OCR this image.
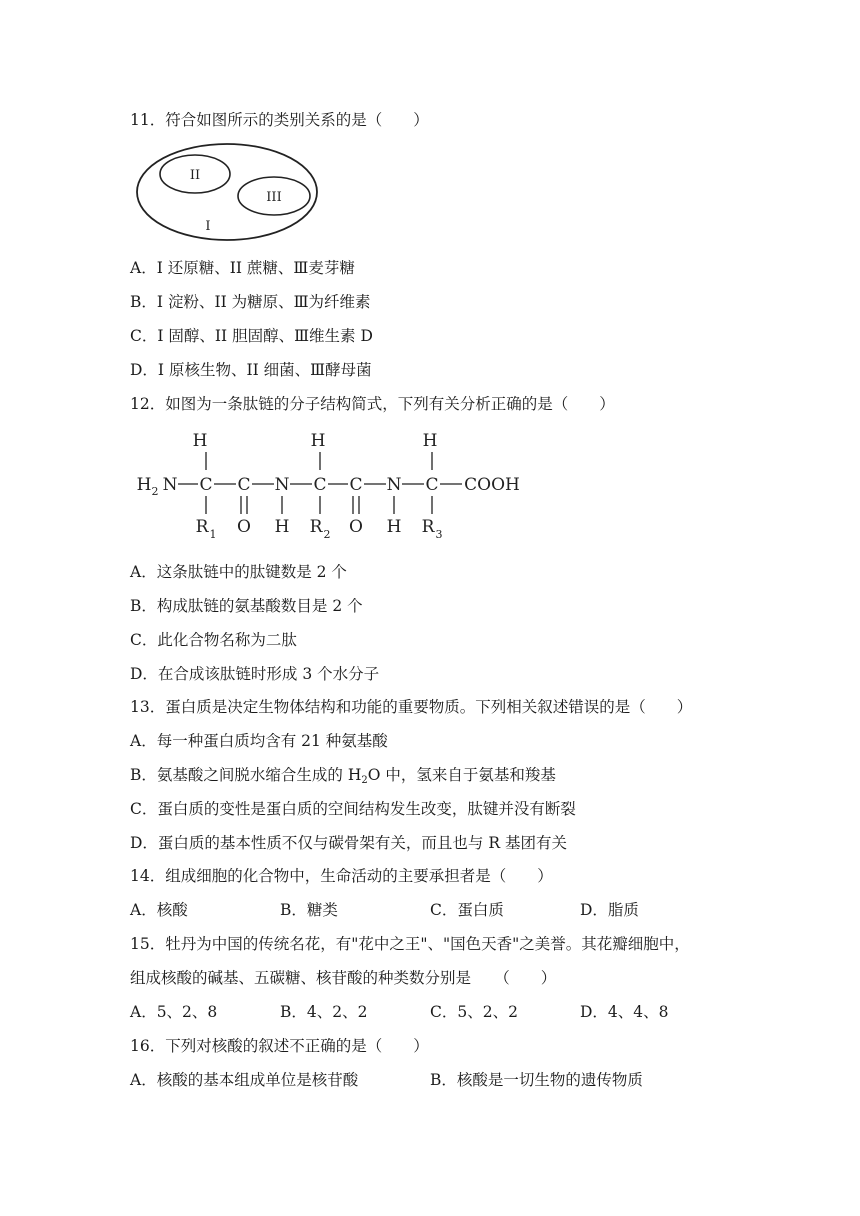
11．符合如图所示的类别关系的是（　　）
II
III
I
A．I 还原糖、II 蔗糖、Ⅲ麦芽糖
B．I 淀粉、II 为糖原、Ⅲ为纤维素
C．I 固醇、II 胆固醇、Ⅲ维生素 D
D．I 原核生物、II 细菌、Ⅲ酵母菌
12．如图为一条肽链的分子结构简式，下列有关分析正确的是（　　）
H	H	H
H 2 N C C N C C N C COOH
R 1 O H R 2 O H R 3
A．这条肽链中的肽键数是 2 个
B．构成肽链的氨基酸数目是 2 个
C．此化合物名称为二肽
D．在合成该肽链时形成 3 个水分子
13．蛋白质是决定生物体结构和功能的重要物质。下列相关叙述错误的是（　　）
A．每一种蛋白质均含有 21 种氨基酸
B．氨基酸之间脱水缩合生成的 $H_2O$ 中，氢来自于氨基和羧基
C．蛋白质的变性是蛋白质的空间结构发生改变，肽键并没有断裂
D．蛋白质的基本性质不仅与碳骨架有关，而且也与 R 基团有关
14．组成细胞的化合物中，生命活动的主要承担者是（　　）
A．核酸	B．糖类	C．蛋白质	D．脂质
15．牡丹为中国的传统名花，有"花中之王"、"国色天香"之美誉。其花瓣细胞中，
组成核酸的碱基、五碳糖、核苷酸的种类数分别是　　（　　）
A．5、2、8	B．4、2、2	C．5、2、2	D．4、4、8
16．下列对核酸的叙述不正确的是（　　）
A．核酸的基本组成单位是核苷酸	B．核酸是一切生物的遗传物质
